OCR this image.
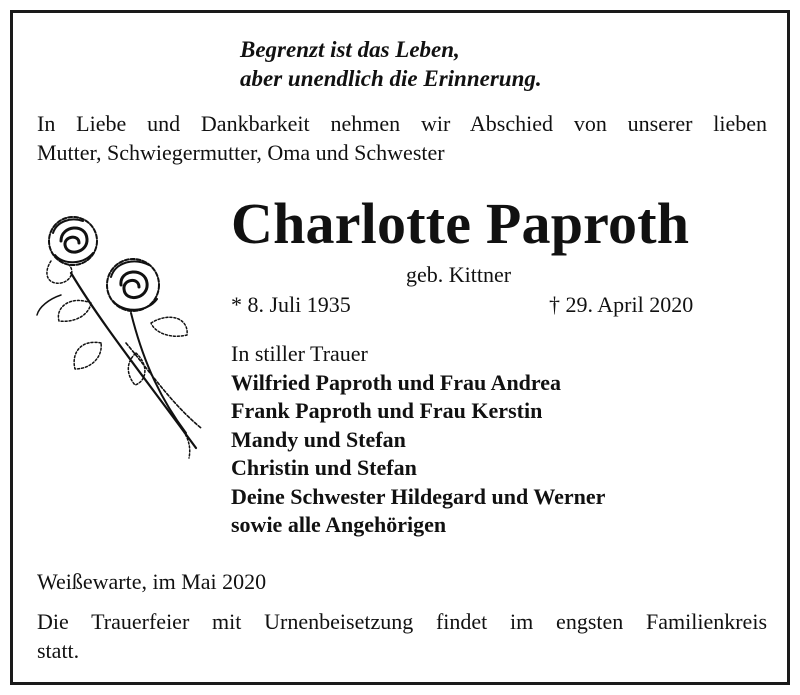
Begrenzt ist das Leben,
aber unendlich die Erinnerung.
In Liebe und Dankbarkeit nehmen wir Abschied von unserer lieben
Mutter, Schwiegermutter, Oma und Schwester
Charlotte Paproth
geb. Kittner
* 8. Juli 1935	† 29. April 2020
In stiller Trauer
Wilfried Paproth und Frau Andrea
Frank Paproth und Frau Kerstin
Mandy und Stefan
Christin und Stefan
Deine Schwester Hildegard und Werner
sowie alle Angehörigen
Weißewarte, im Mai 2020
Die Trauerfeier mit Urnenbeisetzung findet im engsten Familienkreis
statt.
